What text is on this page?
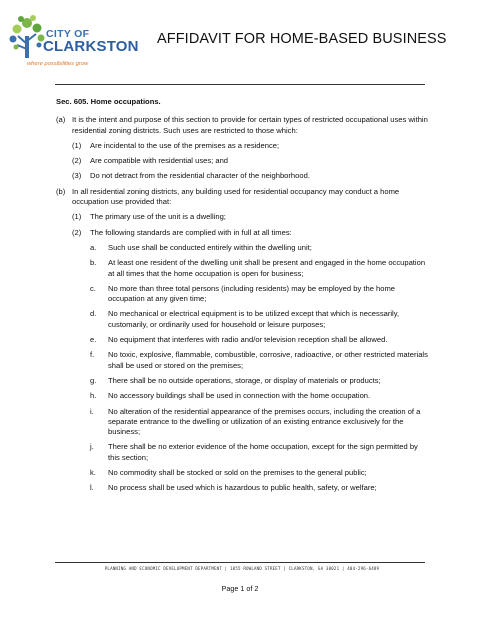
CITY OF
CLARKSTON
where possibilities grow
AFFIDAVIT FOR HOME-BASED BUSINESS
Sec. 605. Home occupations.
(a) It is the intent and purpose of this section to provide for certain types of restricted occupational uses within residential zoning districts. Such uses are restricted to those which:
(1)	Are incidental to the use of the premises as a residence;
(2)	Are compatible with residential uses; and
(3)	Do not detract from the residential character of the neighborhood.
(b) In all residential zoning districts, any building used for residential occupancy may conduct a home occupation use provided that:
(1)	The primary use of the unit is a dwelling;
(2)	The following standards are complied with in full at all times:
a.	Such use shall be conducted entirely within the dwelling unit;
b.	At least one resident of the dwelling unit shall be present and engaged in the home occupation at all times that the home occupation is open for business;
c.	No more than three total persons (including residents) may be employed by the home occupation at any given time;
d.	No mechanical or electrical equipment is to be utilized except that which is necessarily, customarily, or ordinarily used for household or leisure purposes;
e.	No equipment that interferes with radio and/or television reception shall be allowed.
f.	No toxic, explosive, flammable, combustible, corrosive, radioactive, or other restricted materials shall be used or stored on the premises;
g.	There shall be no outside operations, storage, or display of materials or products;
h.	No accessory buildings shall be used in connection with the home occupation.
i.	No alteration of the residential appearance of the premises occurs, including the creation of a separate entrance to the dwelling or utilization of an existing entrance exclusively for the business;
j.	There shall be no exterior evidence of the home occupation, except for the sign permitted by this section;
k.	No commodity shall be stocked or sold on the premises to the general public;
l.	No process shall be used which is hazardous to public health, safety, or welfare;
PLANNING AND ECONOMIC DEVELOPMENT DEPARTMENT | 1055 ROWLAND STREET | CLARKSTON, GA 30021 | 404-296-6489
Page 1 of 2
